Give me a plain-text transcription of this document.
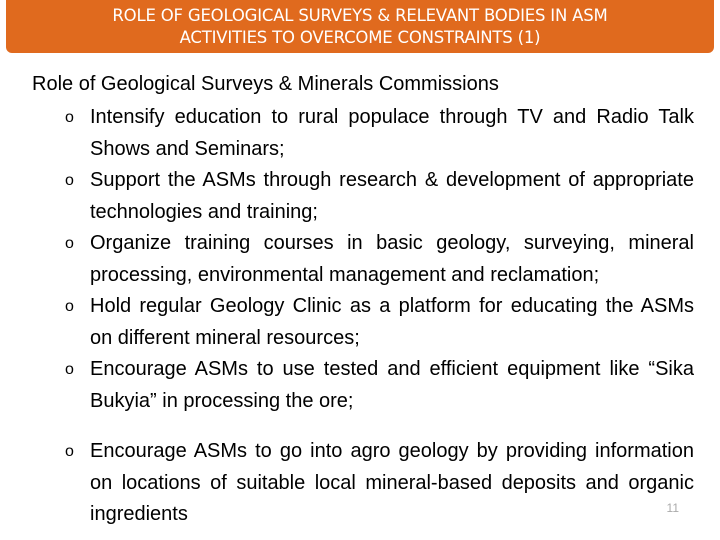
ROLE OF GEOLOGICAL SURVEYS & RELEVANT BODIES IN ASM
ACTIVITIES TO OVERCOME CONSTRAINTS (1)
Role of Geological Surveys & Minerals Commissions
o Intensify education to rural populace through TV and Radio Talk Shows and Seminars;
o Support the ASMs through research & development of appropriate technologies and training;
o Organize training courses in basic geology, surveying, mineral processing, environmental management and reclamation;
o Hold regular Geology Clinic as a platform for educating the ASMs on different mineral resources;
o Encourage ASMs to use tested and efficient equipment like “Sika Bukyia” in processing the ore;
o Encourage ASMs to go into agro geology by providing information on locations of suitable local mineral-based deposits and organic ingredients	11
